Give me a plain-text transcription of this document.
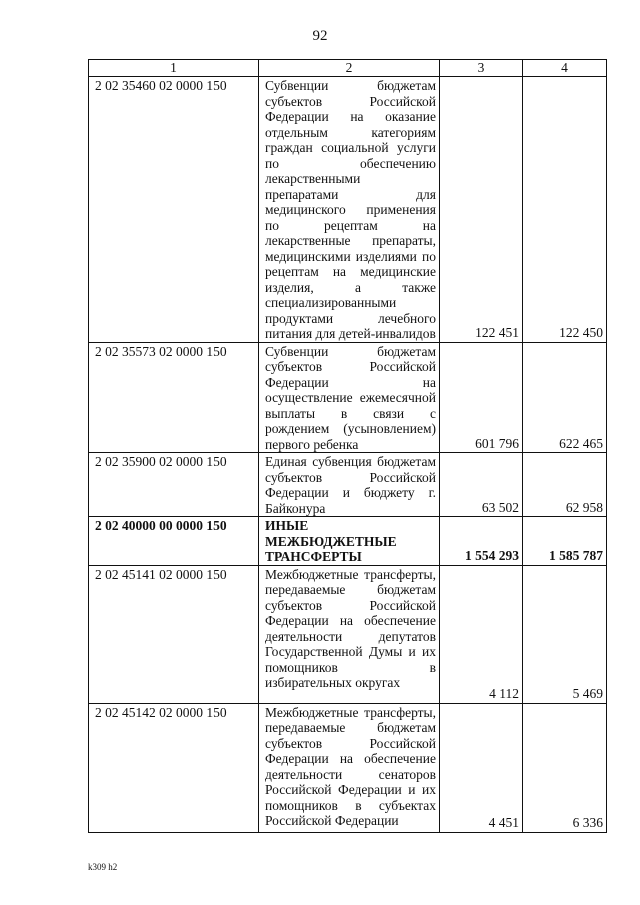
92
1	2	3	4
2 02 35460 02 0000 150	Субвенции бюджетам субъектов Российской Федерации на оказание отдельным категориям граждан социальной услуги по обеспечению лекарственными препаратами для медицинского применения по рецептам на лекарственные препараты, медицинскими изделиями по рецептам на медицинские изделия, а также специализированными продуктами лечебного питания для детей-инвалидов	122 451	122 450
2 02 35573 02 0000 150	Субвенции бюджетам субъектов Российской Федерации на осуществление ежемесячной выплаты в связи с рождением (усыновлением) первого ребенка	601 796	622 465
2 02 35900 02 0000 150	Единая субвенция бюджетам субъектов Российской Федерации и бюджету г. Байконура	63 502	62 958
2 02 40000 00 0000 150	ИНЫЕ МЕЖБЮДЖЕТНЫЕ ТРАНСФЕРТЫ	1 554 293	1 585 787
2 02 45141 02 0000 150	Межбюджетные трансферты, передаваемые бюджетам субъектов Российской Федерации на обеспечение деятельности депутатов Государственной Думы и их помощников в избирательных округах	4 112	5 469
2 02 45142 02 0000 150	Межбюджетные трансферты, передаваемые бюджетам субъектов Российской Федерации на обеспечение деятельности сенаторов Российской Федерации и их помощников в субъектах Российской Федерации	4 451	6 336
k309 h2
